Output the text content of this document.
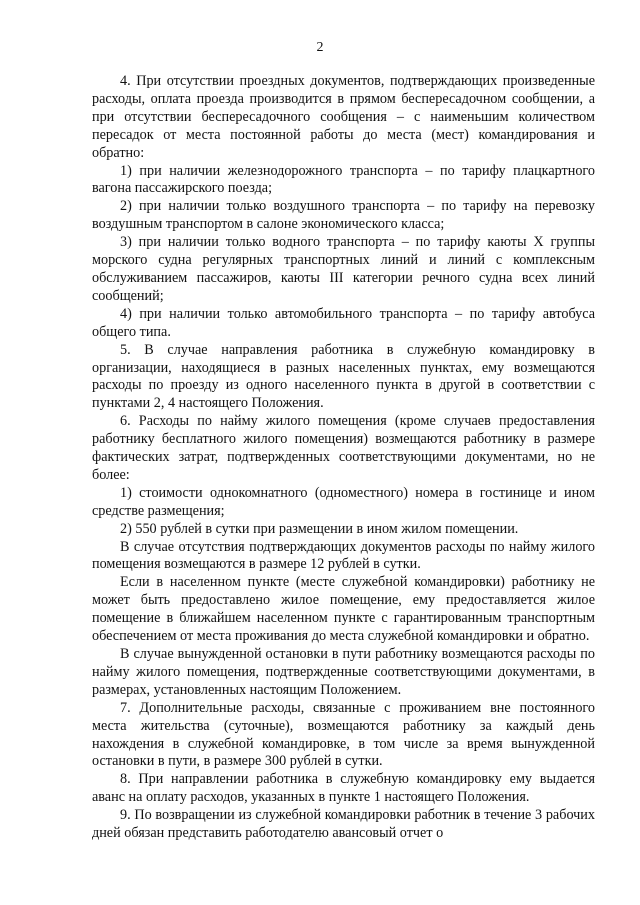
2

4. При отсутствии проездных документов, подтверждающих произведенные расходы, оплата проезда производится в прямом беспересадочном сообщении, а при отсутствии беспересадочного сообщения – с наименьшим количеством пересадок от места постоянной работы до места (мест) командирования и обратно:

1) при наличии железнодорожного транспорта – по тарифу плацкартного вагона пассажирского поезда;

2) при наличии только воздушного транспорта – по тарифу на перевозку воздушным транспортом в салоне экономического класса;

3) при наличии только водного транспорта – по тарифу каюты X группы морского судна регулярных транспортных линий и линий с комплексным обслуживанием пассажиров, каюты III категории речного судна всех линий сообщений;

4) при наличии только автомобильного транспорта – по тарифу автобуса общего типа.

5. В случае направления работника в служебную командировку в организации, находящиеся в разных населенных пунктах, ему возмещаются расходы по проезду из одного населенного пункта в другой в соответствии с пунктами 2, 4 настоящего Положения.

6. Расходы по найму жилого помещения (кроме случаев предоставления работнику бесплатного жилого помещения) возмещаются работнику в размере фактических затрат, подтвержденных соответствующими документами, но не более:

1) стоимости однокомнатного (одноместного) номера в гостинице и ином средстве размещения;

2) 550 рублей в сутки при размещении в ином жилом помещении.

В случае отсутствия подтверждающих документов расходы по найму жилого помещения возмещаются в размере 12 рублей в сутки.

Если в населенном пункте (месте служебной командировки) работнику не может быть предоставлено жилое помещение, ему предоставляется жилое помещение в ближайшем населенном пункте с гарантированным транспортным обеспечением от места проживания до места служебной командировки и обратно.

В случае вынужденной остановки в пути работнику возмещаются расходы по найму жилого помещения, подтвержденные соответствующими документами, в размерах, установленных настоящим Положением.

7. Дополнительные расходы, связанные с проживанием вне постоянного места жительства (суточные), возмещаются работнику за каждый день нахождения в служебной командировке, в том числе за время вынужденной остановки в пути, в размере 300 рублей в сутки.

8. При направлении работника в служебную командировку ему выдается аванс на оплату расходов, указанных в пункте 1 настоящего Положения.

9. По возвращении из служебной командировки работник в течение 3 рабочих дней обязан представить работодателю авансовый отчет о
